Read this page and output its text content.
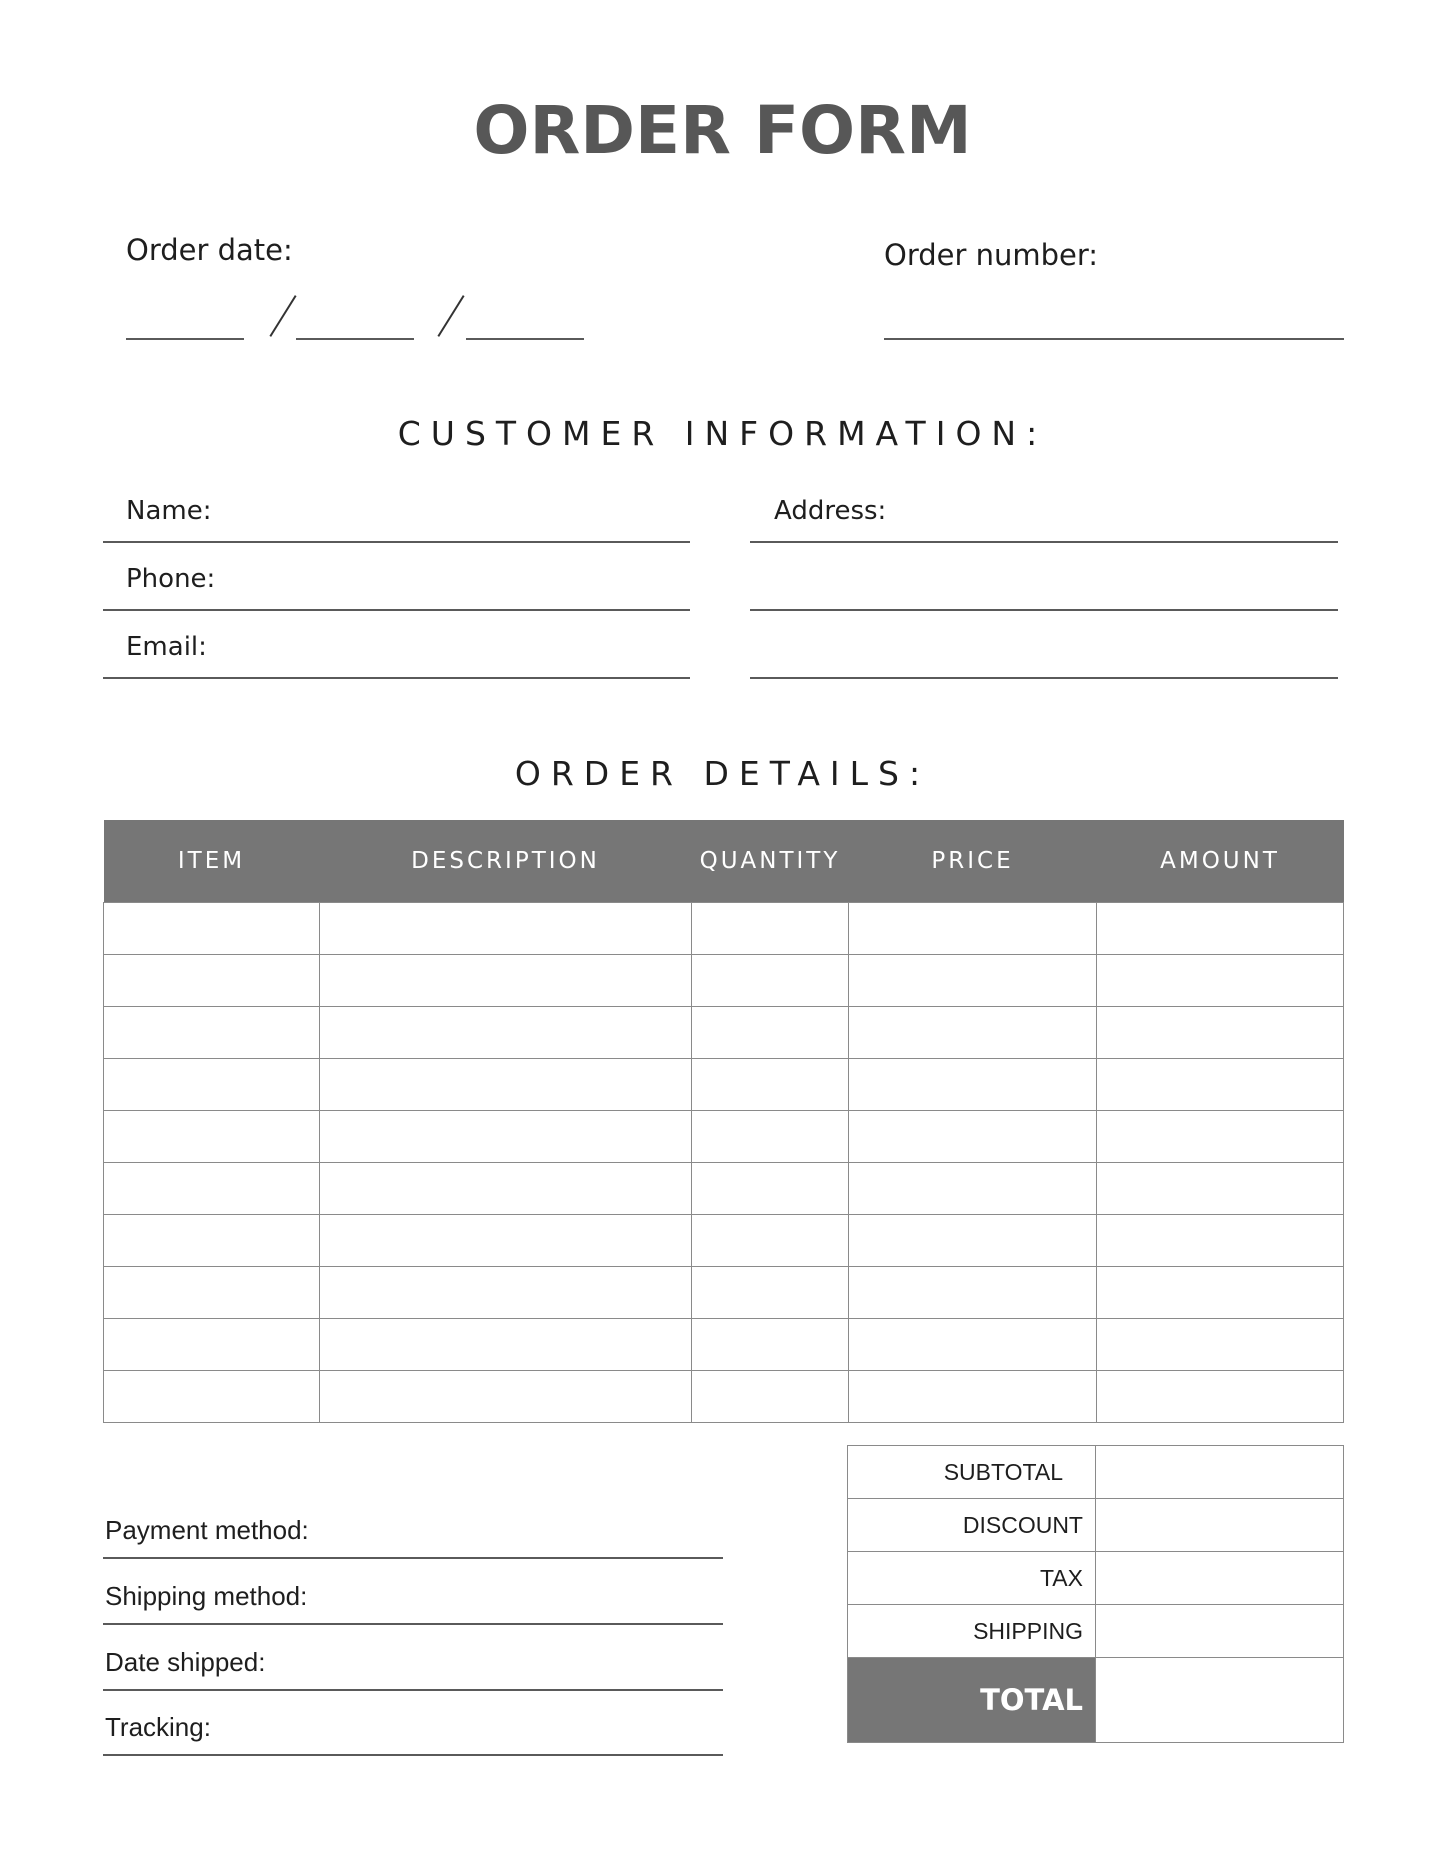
ORDER FORM
Order date:	Order number:
CUSTOMER INFORMATION:
Name:
Phone:
Email:
Address:
ORDER DETAILS:
ITEM	DESCRIPTION	QUANTITY	PRICE	AMOUNT

SUBTOTAL	
DISCOUNT	
TAX	
SHIPPING	
TOTAL	
Payment method:
Shipping method:
Date shipped:
Tracking:
